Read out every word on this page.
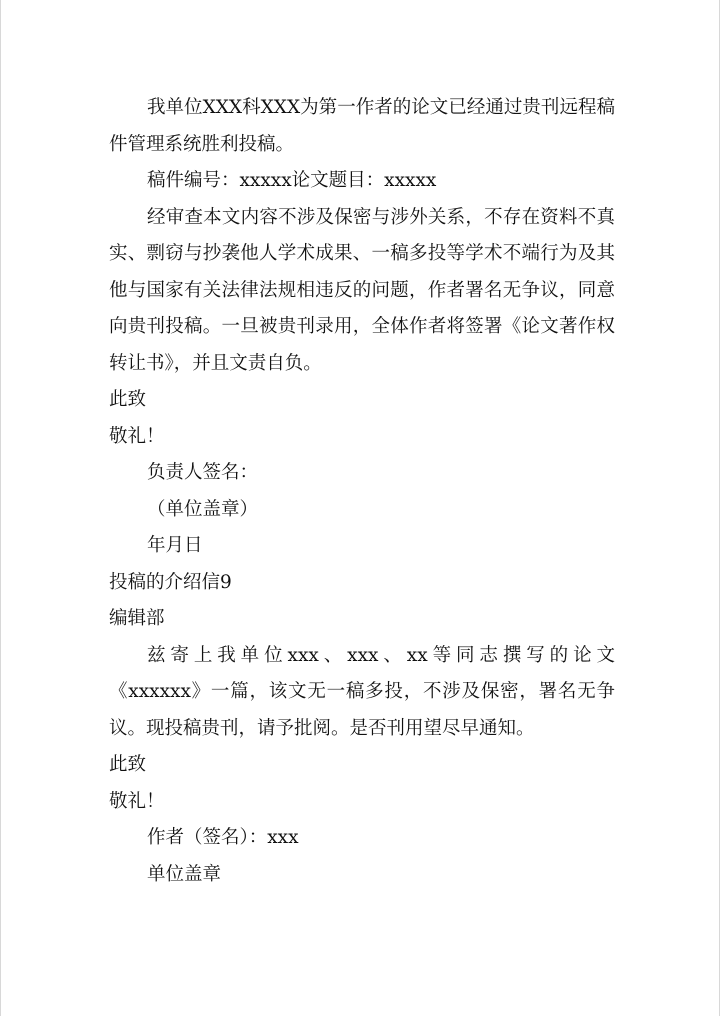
我单位XXX科XXX为第一作者的论文已经通过贵刊远程稿件管理系统胜利投稿。

稿件编号：xxxxx论文题目：xxxxx

经审查本文内容不涉及保密与涉外关系，不存在资料不真实、剽窃与抄袭他人学术成果、一稿多投等学术不端行为及其他与国家有关法律法规相违反的问题，作者署名无争议，同意向贵刊投稿。一旦被贵刊录用，全体作者将签署《论文著作权转让书》，并且文责自负。

此致

敬礼！

负责人签名：

（单位盖章）

年月日

投稿的介绍信9

编辑部

兹寄上我单位xxx、xxx、xx等同志撰写的论文《xxxxxx》一篇，该文无一稿多投，不涉及保密，署名无争议。现投稿贵刊，请予批阅。是否刊用望尽早通知。

此致

敬礼！

作者（签名）：xxx

单位盖章
